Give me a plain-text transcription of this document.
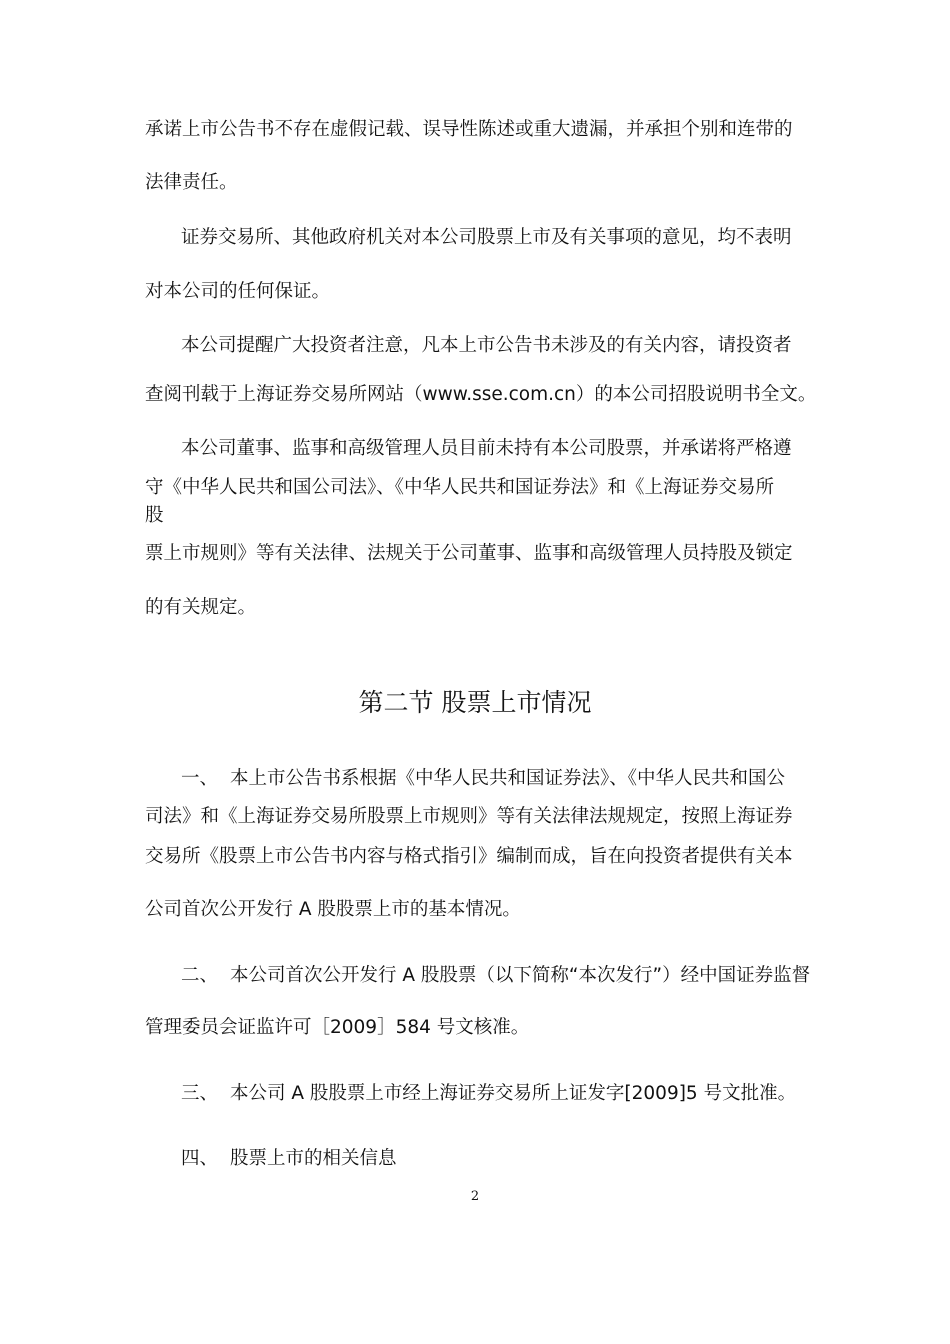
承诺上市公告书不存在虚假记载、误导性陈述或重大遗漏，并承担个别和连带的
法律责任。
证券交易所、其他政府机关对本公司股票上市及有关事项的意见，均不表明
对本公司的任何保证。
本公司提醒广大投资者注意，凡本上市公告书未涉及的有关内容，请投资者
查阅刊载于上海证券交易所网站（www.sse.com.cn）的本公司招股说明书全文。
本公司董事、监事和高级管理人员目前未持有本公司股票，并承诺将严格遵
守《中华人民共和国公司法》、《中华人民共和国证券法》和《上海证券交易所
股
票上市规则》等有关法律、法规关于公司董事、监事和高级管理人员持股及锁定
的有关规定。
第二节 股票上市情况
一、 本上市公告书系根据《中华人民共和国证券法》、《中华人民共和国公
司法》和《上海证券交易所股票上市规则》等有关法律法规规定，按照上海证券
交易所《股票上市公告书内容与格式指引》编制而成，旨在向投资者提供有关本
公司首次公开发行 A 股股票上市的基本情况。
二、 本公司首次公开发行 A 股股票（以下简称“本次发行”）经中国证券监督
管理委员会证监许可［2009］584 号文核准。
三、 本公司 A 股股票上市经上海证券交易所上证发字[2009]5 号文批准。
四、 股票上市的相关信息
2
